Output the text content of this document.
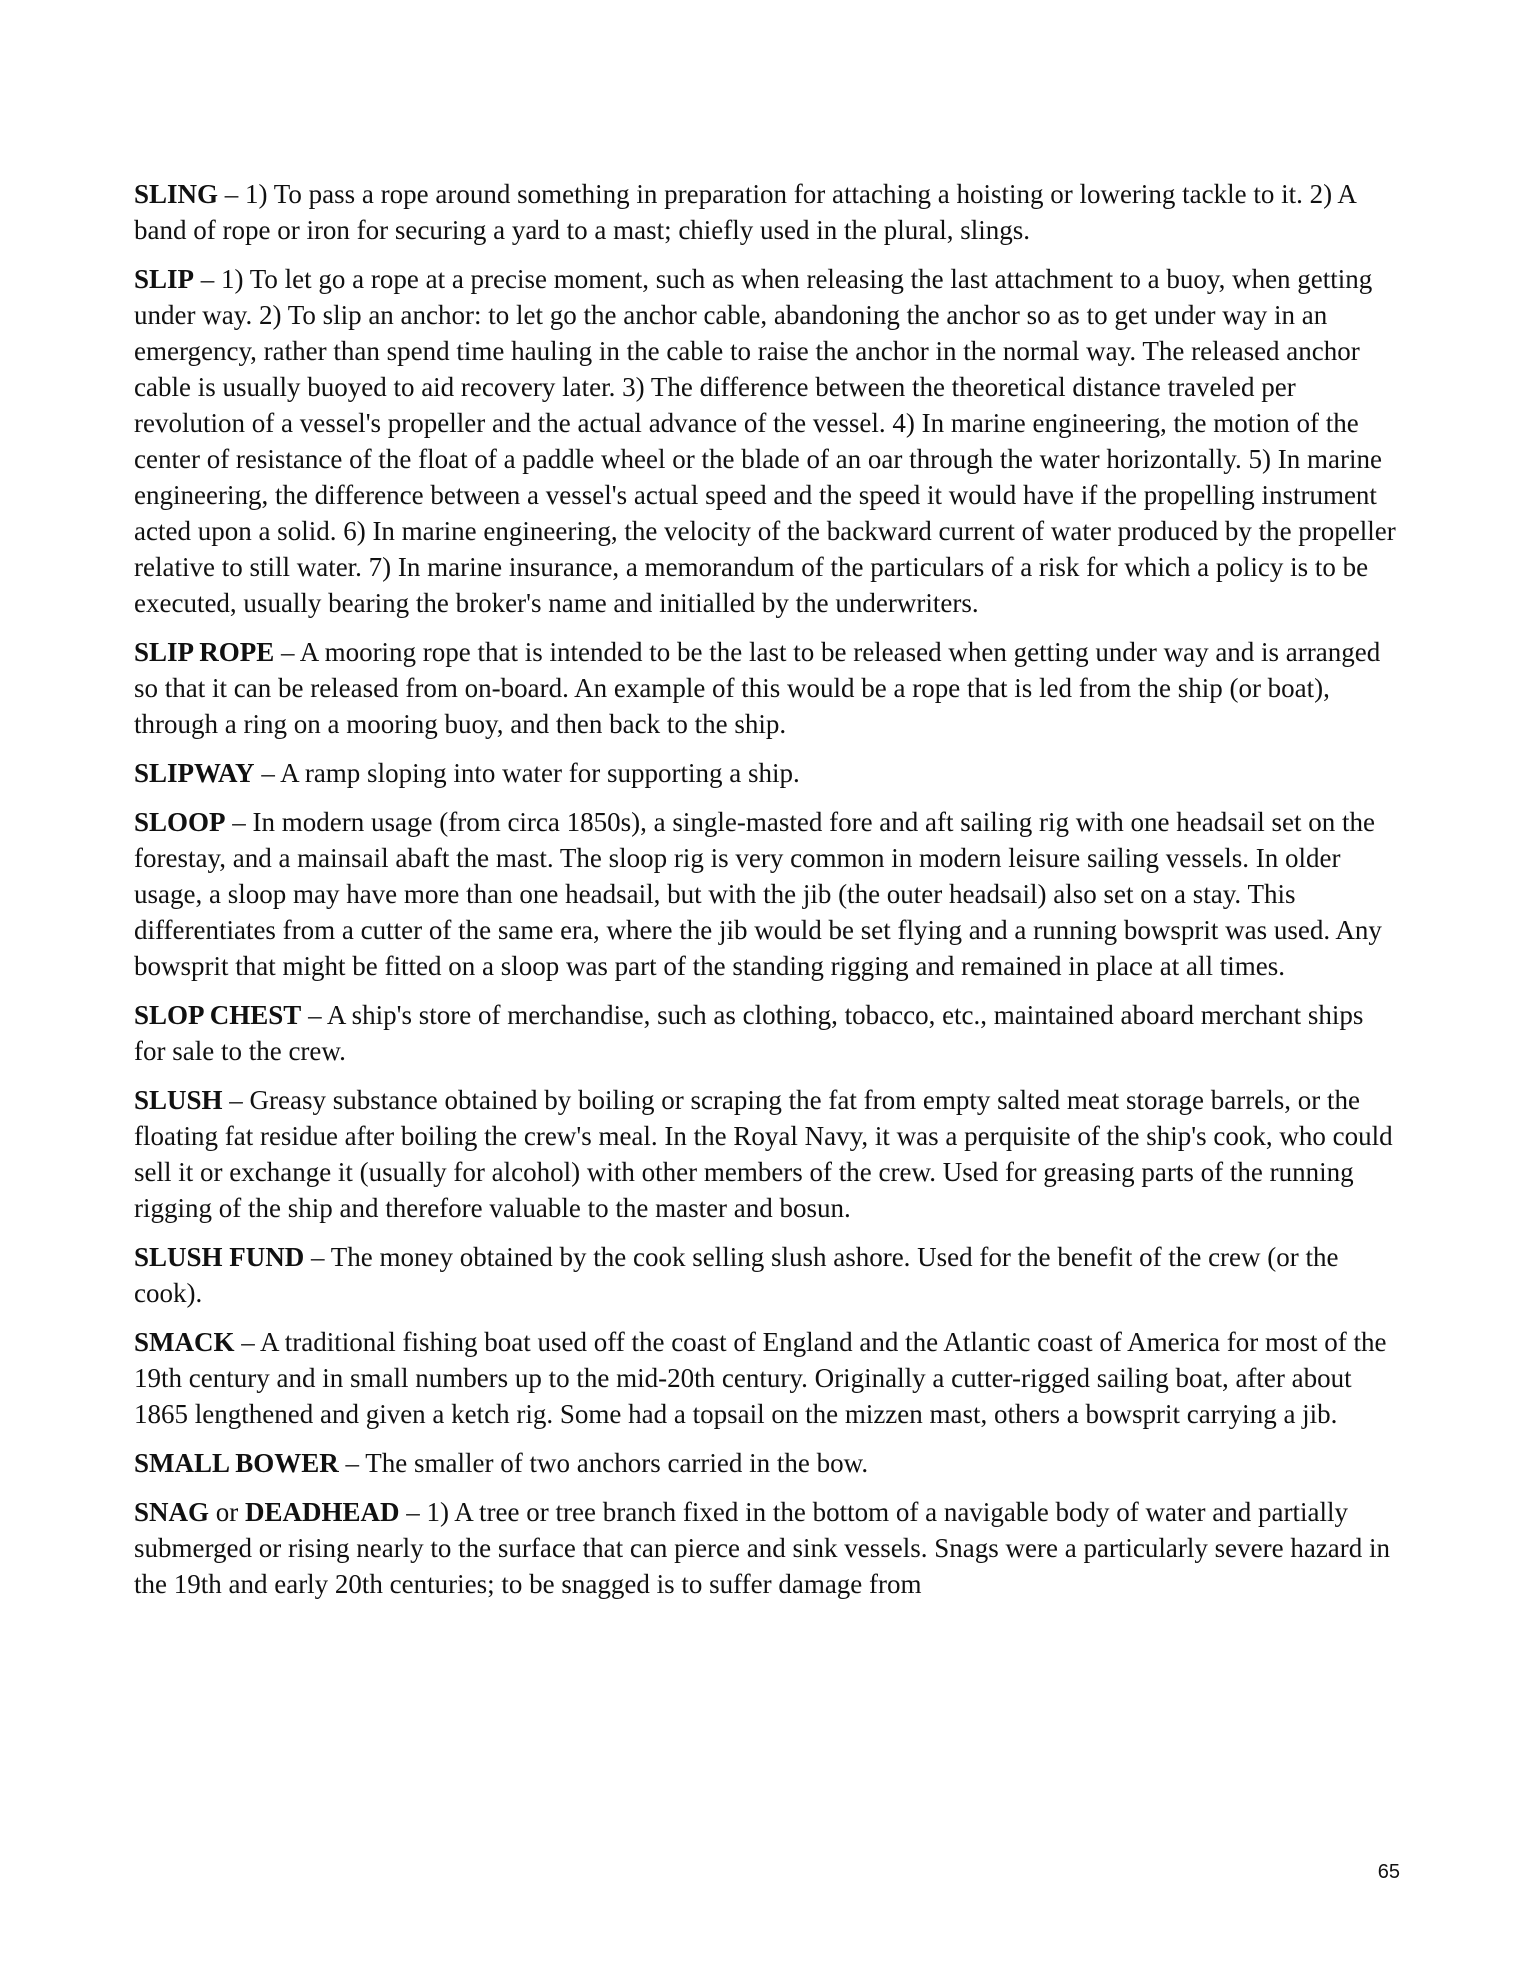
SLING – 1) To pass a rope around something in preparation for attaching a hoisting or lowering tackle to it. 2) A band of rope or iron for securing a yard to a mast; chiefly used in the plural, slings.

SLIP – 1) To let go a rope at a precise moment, such as when releasing the last attachment to a buoy, when getting under way. 2) To slip an anchor: to let go the anchor cable, abandoning the anchor so as to get under way in an emergency, rather than spend time hauling in the cable to raise the anchor in the normal way. The released anchor cable is usually buoyed to aid recovery later. 3) The difference between the theoretical distance traveled per revolution of a vessel's propeller and the actual advance of the vessel. 4) In marine engineering, the motion of the center of resistance of the float of a paddle wheel or the blade of an oar through the water horizontally. 5) In marine engineering, the difference between a vessel's actual speed and the speed it would have if the propelling instrument acted upon a solid. 6) In marine engineering, the velocity of the backward current of water produced by the propeller relative to still water. 7) In marine insurance, a memorandum of the particulars of a risk for which a policy is to be executed, usually bearing the broker's name and initialled by the underwriters.

SLIP ROPE – A mooring rope that is intended to be the last to be released when getting under way and is arranged so that it can be released from on-board. An example of this would be a rope that is led from the ship (or boat), through a ring on a mooring buoy, and then back to the ship.

SLIPWAY – A ramp sloping into water for supporting a ship.

SLOOP – In modern usage (from circa 1850s), a single-masted fore and aft sailing rig with one headsail set on the forestay, and a mainsail abaft the mast. The sloop rig is very common in modern leisure sailing vessels. In older usage, a sloop may have more than one headsail, but with the jib (the outer headsail) also set on a stay. This differentiates from a cutter of the same era, where the jib would be set flying and a running bowsprit was used. Any bowsprit that might be fitted on a sloop was part of the standing rigging and remained in place at all times.

SLOP CHEST – A ship's store of merchandise, such as clothing, tobacco, etc., maintained aboard merchant ships for sale to the crew.

SLUSH – Greasy substance obtained by boiling or scraping the fat from empty salted meat storage barrels, or the floating fat residue after boiling the crew's meal. In the Royal Navy, it was a perquisite of the ship's cook, who could sell it or exchange it (usually for alcohol) with other members of the crew. Used for greasing parts of the running rigging of the ship and therefore valuable to the master and bosun.

SLUSH FUND – The money obtained by the cook selling slush ashore. Used for the benefit of the crew (or the cook).

SMACK – A traditional fishing boat used off the coast of England and the Atlantic coast of America for most of the 19th century and in small numbers up to the mid-20th century. Originally a cutter-rigged sailing boat, after about 1865 lengthened and given a ketch rig. Some had a topsail on the mizzen mast, others a bowsprit carrying a jib.

SMALL BOWER – The smaller of two anchors carried in the bow.

SNAG or DEADHEAD – 1) A tree or tree branch fixed in the bottom of a navigable body of water and partially submerged or rising nearly to the surface that can pierce and sink vessels. Snags were a particularly severe hazard in the 19th and early 20th centuries; to be snagged is to suffer damage from

65
